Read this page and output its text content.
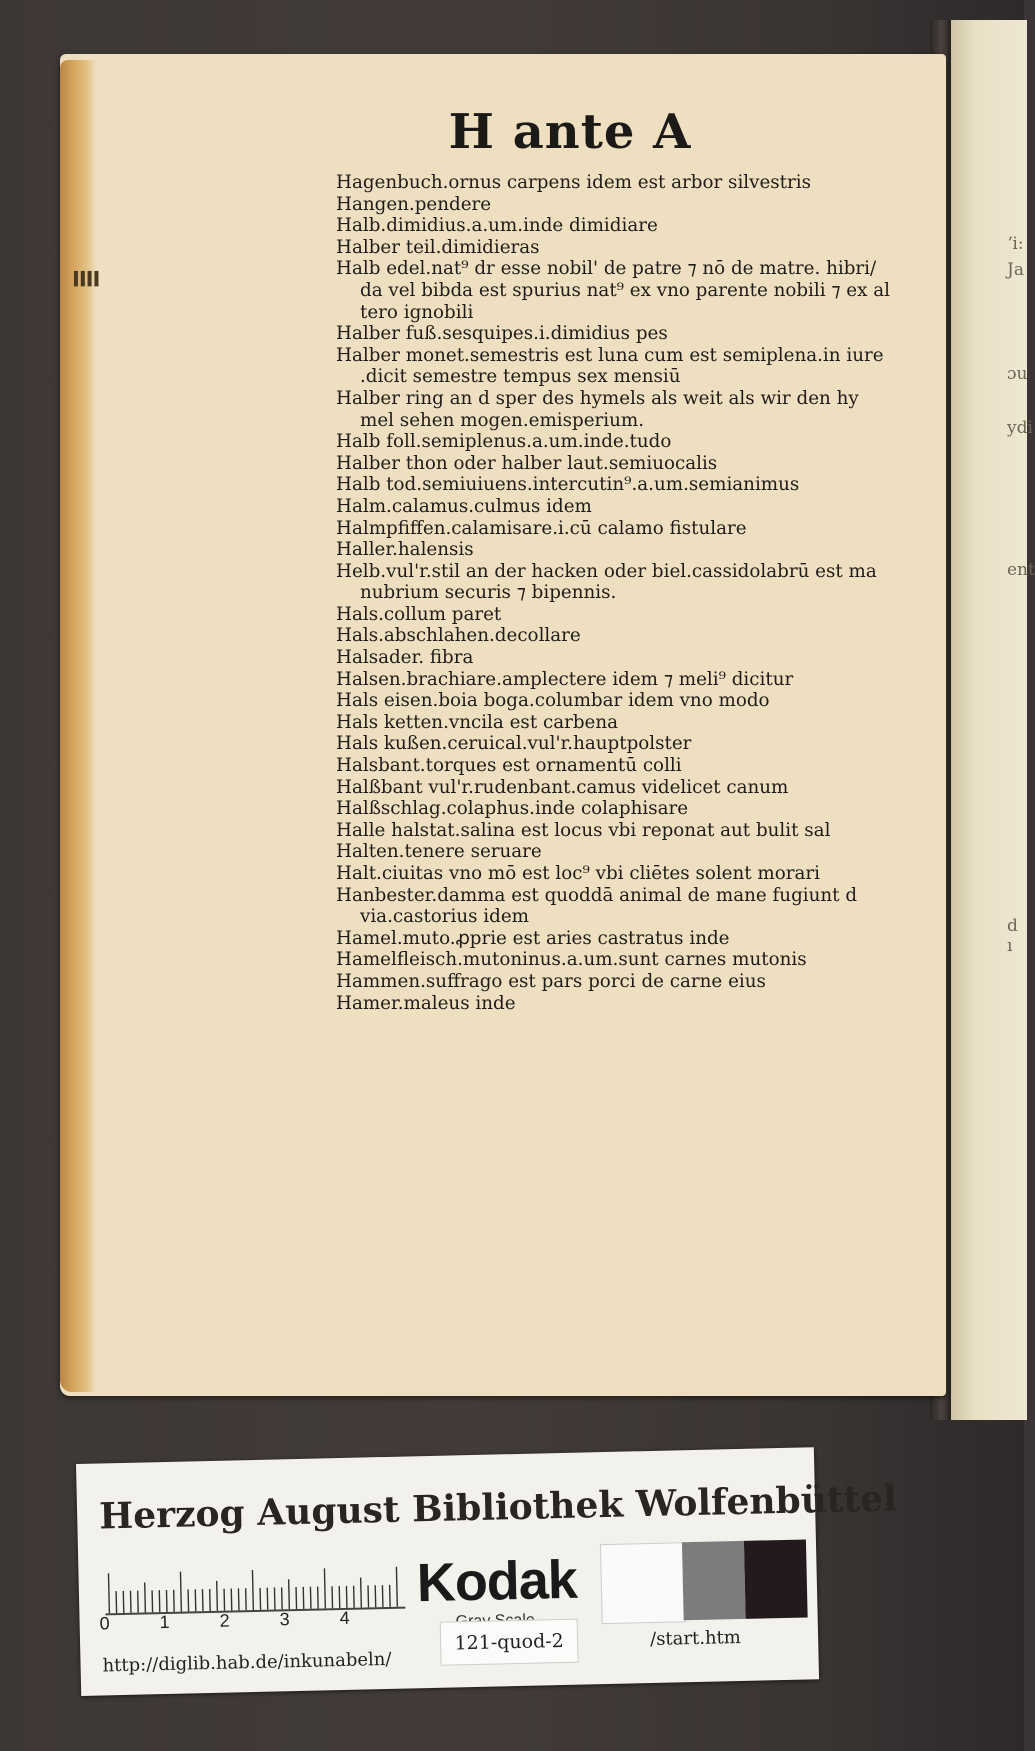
ʼi:
Ja
ɔu
ydi
ent
d ı
▌▌▌▌
H ante A
Hagenbuch.ornus carpens idem est arbor silvestris
Hangen.pendere
Halb.dimidius.a.um.inde dimidiare
Halber teil.dimidieras
Halb edel.nat⁹ dr esse nobil' de patre ⁊ nō de matre. hibri/
da vel bibda est spurius nat⁹ ex vno parente nobili ⁊ ex al
tero ignobili
Halber fuß.sesquipes.i.dimidius pes
Halber monet.semestris est luna cum est semiplena.in iure
.dicit semestre tempus sex mensiū
Halber ring an d sper des hymels als weit als wir den hy
mel sehen mogen.emisperium.
Halb foll.semiplenus.a.um.inde.tudo
Halber thon oder halber laut.semiuocalis
Halb tod.semiuiuens.intercutin⁹.a.um.semianimus
Halm.calamus.culmus idem
Halmpfiffen.calamisare.i.cū calamo fistulare
Haller.halensis
Helb.vul'r.stil an der hacken oder biel.cassidolabrū est ma
nubrium securis ⁊ bipennis.
Hals.collum paret
Hals.abschlahen.decollare
Halsader. fibra
Halsen.brachiare.amplectere idem ⁊ meli⁹ dicitur
Hals eisen.boia boga.columbar idem vno modo
Hals ketten.vncila est carbena
Hals kußen.ceruical.vul'r.hauptpolster
Halsbant.torques est ornamentū colli
Halßbant vul'r.rudenbant.camus videlicet canum
Halßschlag.colaphus.inde colaphisare
Halle halstat.salina est locus vbi reponat aut bulit sal
Halten.tenere seruare
Halt.ciuitas vno mō est loc⁹ vbi cliētes solent morari
Hanbester.damma est quoddā animal de mane fugiunt d
via.castorius idem
Hamel.muto.ꝓprie est aries castratus inde
Hamelfleisch.mutoninus.a.um.sunt carnes mutonis
Hammen.suffrago est pars porci de carne eius
Hamer.maleus inde
Herzog August Bibliothek Wolfenbüttel
0	1	2	3	4
Kodak
http://diglib.hab.de/inkunabeln/
121-quod-2	/start.htm
